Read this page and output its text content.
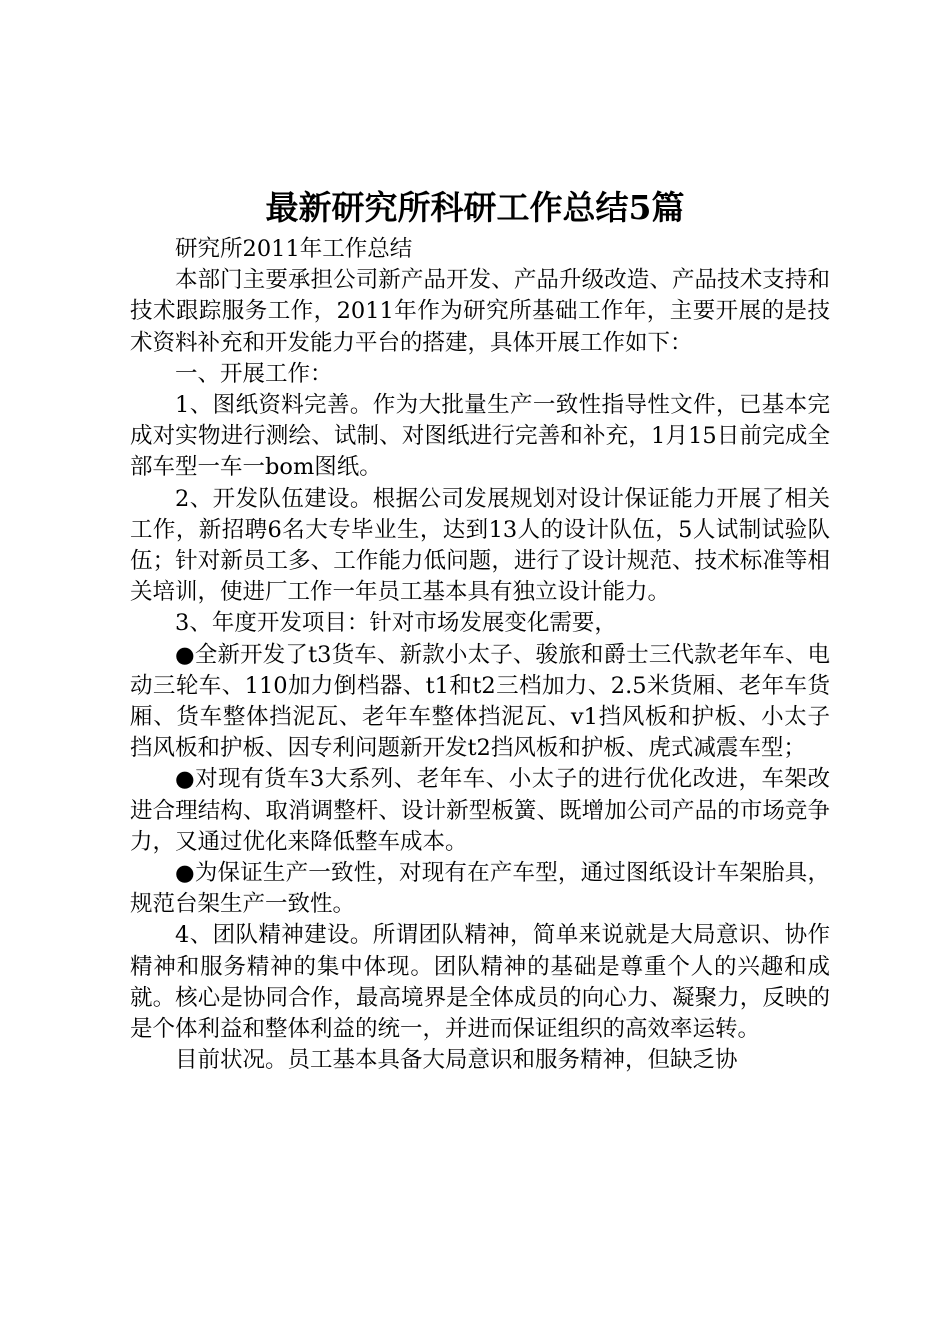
最新研究所科研工作总结5篇

研究所2011年工作总结

本部门主要承担公司新产品开发、产品升级改造、产品技术支持和技术跟踪服务工作，2011年作为研究所基础工作年，主要开展的是技术资料补充和开发能力平台的搭建，具体开展工作如下：

一、开展工作：

1、图纸资料完善。作为大批量生产一致性指导性文件，已基本完成对实物进行测绘、试制、对图纸进行完善和补充，1月15日前完成全部车型一车一bom图纸。

2、开发队伍建设。根据公司发展规划对设计保证能力开展了相关工作，新招聘6名大专毕业生，达到13人的设计队伍，5人试制试验队伍；针对新员工多、工作能力低问题，进行了设计规范、技术标准等相关培训，使进厂工作一年员工基本具有独立设计能力。

3、年度开发项目：针对市场发展变化需要，

●全新开发了t3货车、新款小太子、骏旅和爵士三代款老年车、电动三轮车、110加力倒档器、t1和t2三档加力、2.5米货厢、老年车货厢、货车整体挡泥瓦、老年车整体挡泥瓦、v1挡风板和护板、小太子挡风板和护板、因专利问题新开发t2挡风板和护板、虎式减震车型；

●对现有货车3大系列、老年车、小太子的进行优化改进，车架改进合理结构、取消调整杆、设计新型板簧、既增加公司产品的市场竞争力，又通过优化来降低整车成本。

●为保证生产一致性，对现有在产车型，通过图纸设计车架胎具，规范台架生产一致性。

4、团队精神建设。所谓团队精神，简单来说就是大局意识、协作精神和服务精神的集中体现。团队精神的基础是尊重个人的兴趣和成就。核心是协同合作，最高境界是全体成员的向心力、凝聚力，反映的是个体利益和整体利益的统一，并进而保证组织的高效率运转。

目前状况。员工基本具备大局意识和服务精神，但缺乏协
